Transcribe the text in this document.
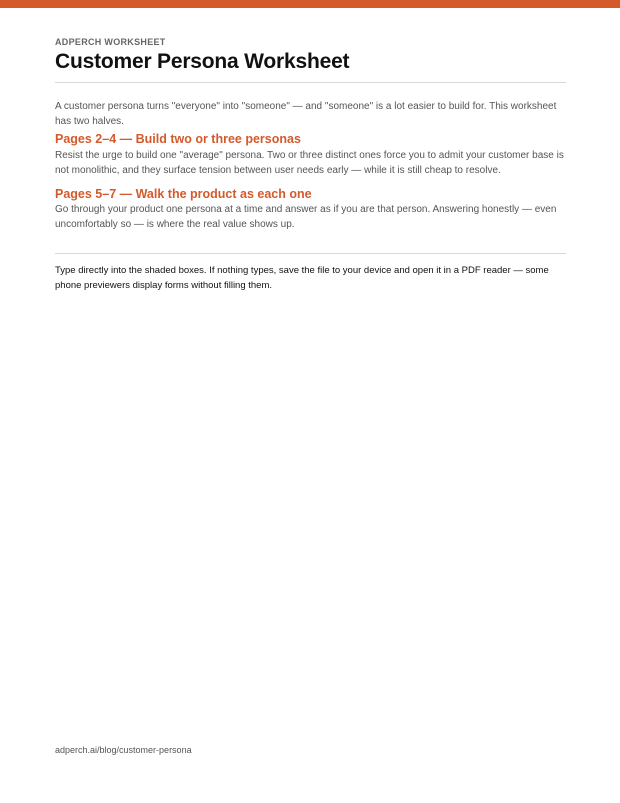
ADPERCH WORKSHEET
Customer Persona Worksheet

A customer persona turns "everyone" into "someone" — and "someone" is a lot easier to build for. This worksheet has two halves.

Pages 2–4 — Build two or three personas

Resist the urge to build one "average" persona. Two or three distinct ones force you to admit your customer base is not monolithic, and they surface tension between user needs early — while it is still cheap to resolve.

Pages 5–7 — Walk the product as each one

Go through your product one persona at a time and answer as if you are that person. Answering honestly — even uncomfortably so — is where the real value shows up.

Type directly into the shaded boxes. If nothing types, save the file to your device and open it in a PDF reader — some phone previewers display forms without filling them.

adperch.ai/blog/customer-persona
